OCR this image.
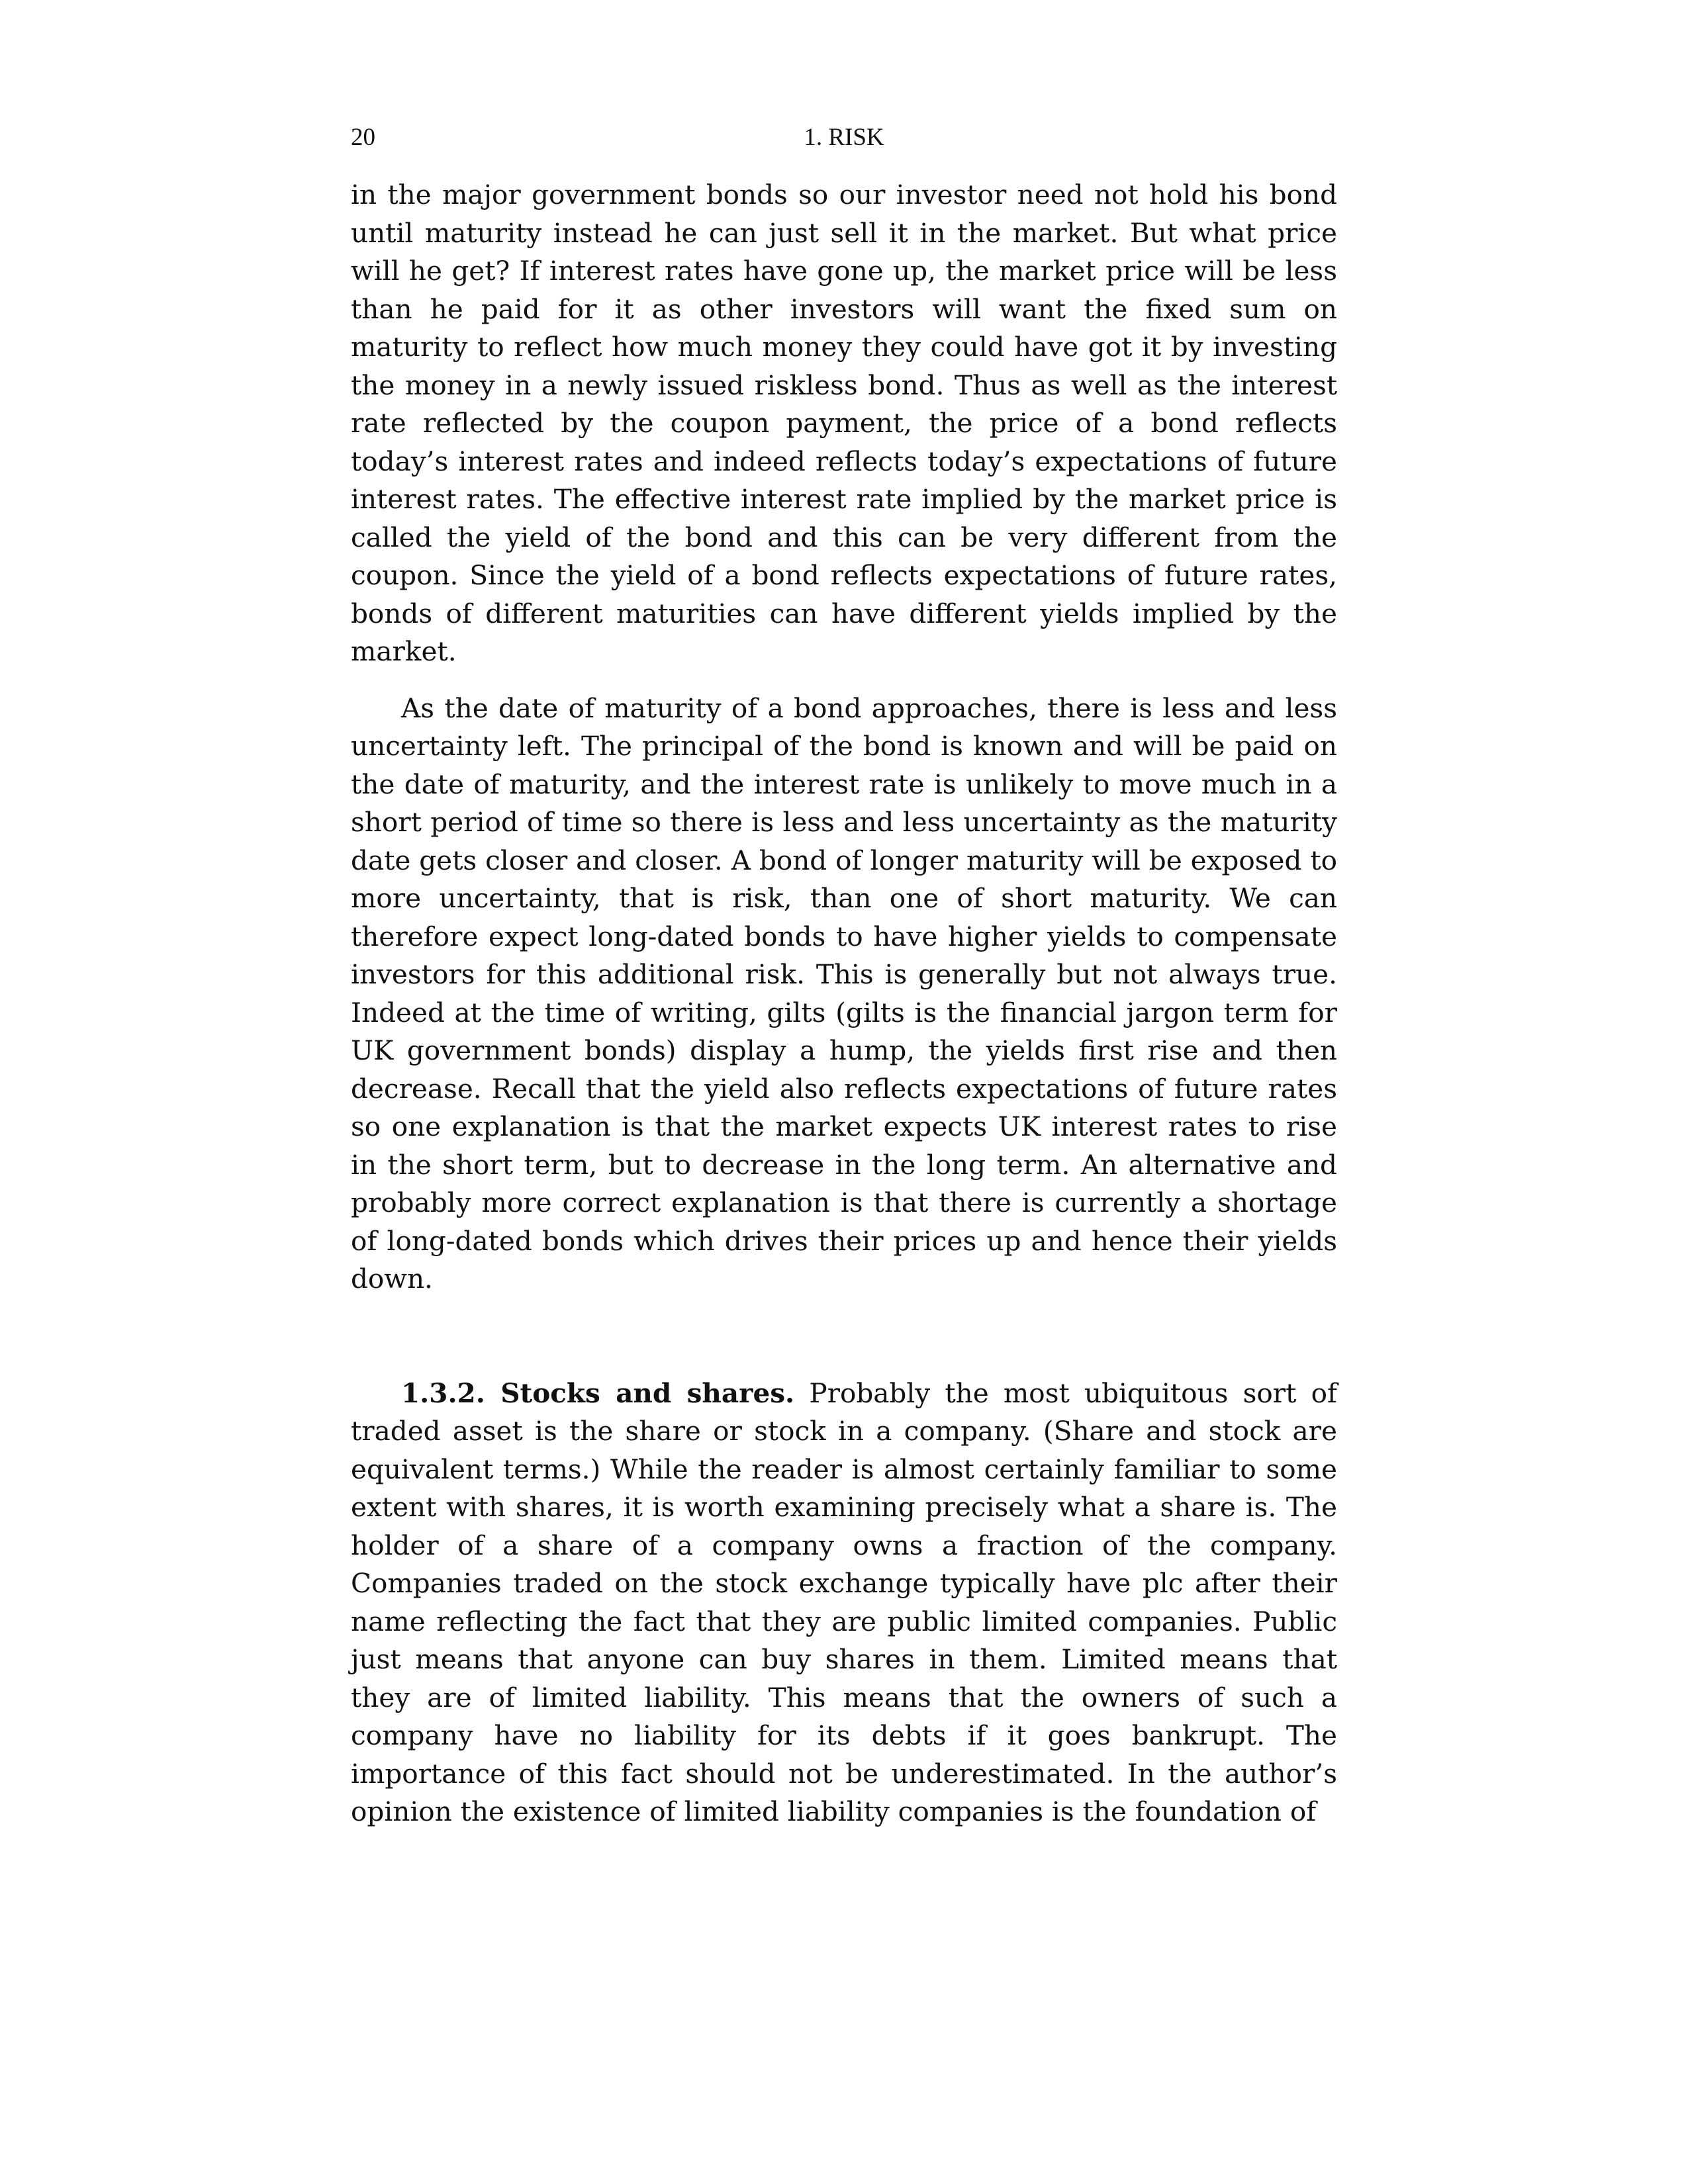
20	1. RISK

in the major government bonds so our investor need not hold his bond until maturity instead he can just sell it in the market. But what price will he get? If interest rates have gone up, the market price will be less than he paid for it as other investors will want the fixed sum on maturity to reflect how much money they could have got it by investing the money in a newly issued riskless bond. Thus as well as the interest rate reflected by the coupon payment, the price of a bond reflects today’s interest rates and indeed reflects today’s expectations of future interest rates. The effective interest rate implied by the market price is called the yield of the bond and this can be very different from the coupon. Since the yield of a bond reflects expectations of future rates, bonds of different maturities can have different yields implied by the market.

As the date of maturity of a bond approaches, there is less and less uncertainty left. The principal of the bond is known and will be paid on the date of maturity, and the interest rate is unlikely to move much in a short period of time so there is less and less uncertainty as the maturity date gets closer and closer. A bond of longer maturity will be exposed to more uncertainty, that is risk, than one of short maturity. We can therefore expect long-dated bonds to have higher yields to compensate investors for this additional risk. This is generally but not always true. Indeed at the time of writing, gilts (gilts is the financial jargon term for UK government bonds) display a hump, the yields first rise and then decrease. Recall that the yield also reflects expectations of future rates so one explanation is that the market expects UK interest rates to rise in the short term, but to decrease in the long term. An alternative and probably more correct explanation is that there is currently a shortage of long-dated bonds which drives their prices up and hence their yields down.

1.3.2. Stocks and shares. Probably the most ubiquitous sort of traded asset is the share or stock in a company. (Share and stock are equivalent terms.) While the reader is almost certainly familiar to some extent with shares, it is worth examining precisely what a share is. The holder of a share of a company owns a fraction of the company. Companies traded on the stock exchange typically have plc after their name reflecting the fact that they are public limited companies. Public just means that anyone can buy shares in them. Limited means that they are of limited liability. This means that the owners of such a company have no liability for its debts if it goes bankrupt. The importance of this fact should not be underestimated. In the author’s opinion the existence of limited liability companies is the foundation of
